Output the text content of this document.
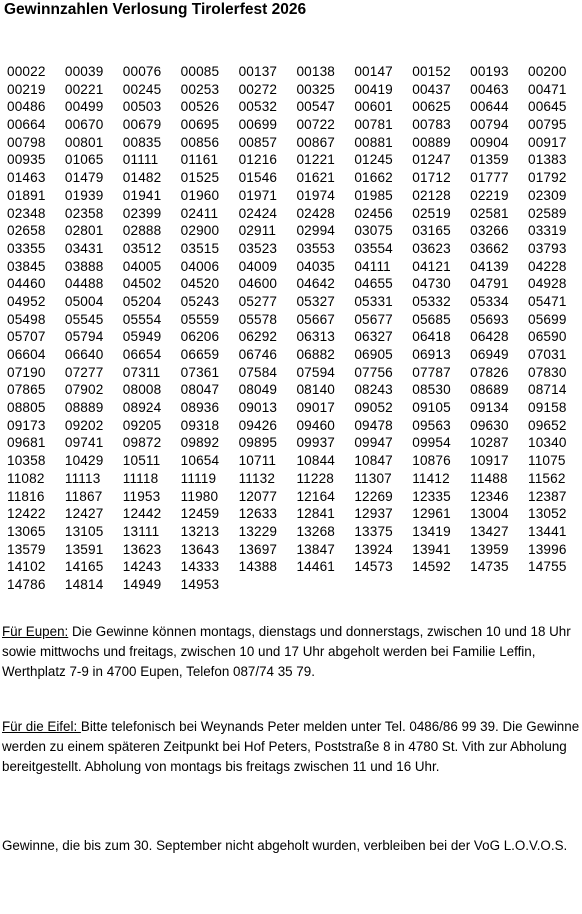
Gewinnzahlen Verlosung Tirolerfest 2026
00022	00039	00076	00085	00137	00138	00147	00152	00193	00200
00219	00221	00245	00253	00272	00325	00419	00437	00463	00471
00486	00499	00503	00526	00532	00547	00601	00625	00644	00645
00664	00670	00679	00695	00699	00722	00781	00783	00794	00795
00798	00801	00835	00856	00857	00867	00881	00889	00904	00917
00935	01065	01111	01161	01216	01221	01245	01247	01359	01383
01463	01479	01482	01525	01546	01621	01662	01712	01777	01792
01891	01939	01941	01960	01971	01974	01985	02128	02219	02309
02348	02358	02399	02411	02424	02428	02456	02519	02581	02589
02658	02801	02888	02900	02911	02994	03075	03165	03266	03319
03355	03431	03512	03515	03523	03553	03554	03623	03662	03793
03845	03888	04005	04006	04009	04035	04111	04121	04139	04228
04460	04488	04502	04520	04600	04642	04655	04730	04791	04928
04952	05004	05204	05243	05277	05327	05331	05332	05334	05471
05498	05545	05554	05559	05578	05667	05677	05685	05693	05699
05707	05794	05949	06206	06292	06313	06327	06418	06428	06590
06604	06640	06654	06659	06746	06882	06905	06913	06949	07031
07190	07277	07311	07361	07584	07594	07756	07787	07826	07830
07865	07902	08008	08047	08049	08140	08243	08530	08689	08714
08805	08889	08924	08936	09013	09017	09052	09105	09134	09158
09173	09202	09205	09318	09426	09460	09478	09563	09630	09652
09681	09741	09872	09892	09895	09937	09947	09954	10287	10340
10358	10429	10511	10654	10711	10844	10847	10876	10917	11075
11082	11113	11118	11119	11132	11228	11307	11412	11488	11562
11816	11867	11953	11980	12077	12164	12269	12335	12346	12387
12422	12427	12442	12459	12633	12841	12937	12961	13004	13052
13065	13105	13111	13213	13229	13268	13375	13419	13427	13441
13579	13591	13623	13643	13697	13847	13924	13941	13959	13996
14102	14165	14243	14333	14388	14461	14573	14592	14735	14755
14786	14814	14949	14953
Für Eupen: Die Gewinne können montags, dienstags und donnerstags, zwischen 10 und 18 Uhr sowie mittwochs und freitags, zwischen 10 und 17 Uhr abgeholt werden bei Familie Leffin, Werthplatz 7-9 in 4700 Eupen, Telefon 087/74 35 79.
Für die Eifel: Bitte telefonisch bei Weynands Peter melden unter Tel. 0486/86 99 39. Die Gewinne werden zu einem späteren Zeitpunkt bei Hof Peters, Poststraße 8 in 4780 St. Vith zur Abholung bereitgestellt. Abholung von montags bis freitags zwischen 11 und 16 Uhr.
Gewinne, die bis zum 30. September nicht abgeholt wurden, verbleiben bei der VoG L.O.V.O.S.
